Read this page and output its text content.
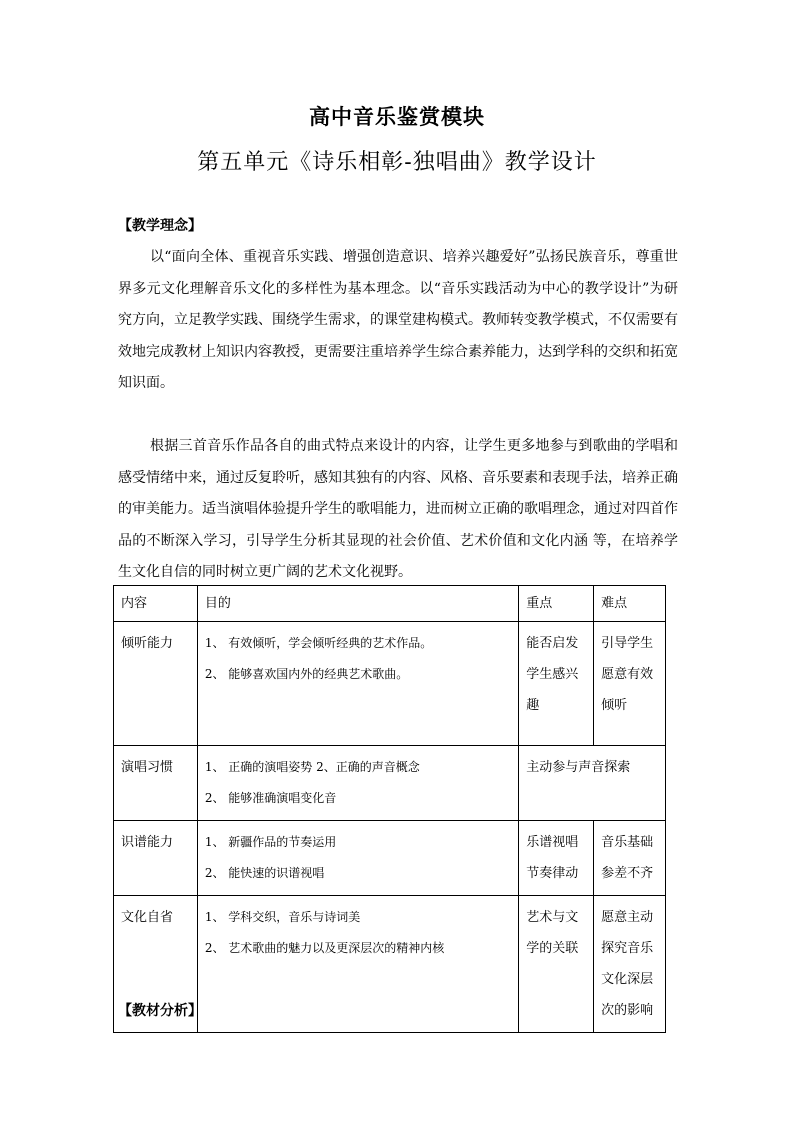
高中音乐鉴赏模块
第五单元《诗乐相彰-独唱曲》教学设计
【教学理念】

以“面向全体、重视音乐实践、增强创造意识、培养兴趣爱好”弘扬民族音乐，尊重世界多元文化理解音乐文化的多样性为基本理念。以“音乐实践活动为中心的教学设计”为研究方向，立足教学实践、围绕学生需求，的课堂建构模式。教师转变教学模式，不仅需要有效地完成教材上知识内容教授，更需要注重培养学生综合素养能力，达到学科的交织和拓宽知识面。

根据三首音乐作品各自的曲式特点来设计的内容，让学生更多地参与到歌曲的学唱和感受情绪中来，通过反复聆听，感知其独有的内容、风格、音乐要素和表现手法，培养正确的审美能力。适当演唱体验提升学生的歌唱能力，进而树立正确的歌唱理念，通过对四首作品的不断深入学习，引导学生分析其显现的社会价值、艺术价值和文化内涵 等，在培养学生文化自信的同时树立更广阔的艺术文化视野。

内容	目的	重点	难点
倾听能力	1、 有效倾听，学会倾听经典的艺术作品。
2、 能够喜欢国内外的经典艺术歌曲。	能否启发学生感兴趣	引导学生愿意有效倾听
演唱习惯	1、 正确的演唱姿势 2、正确的声音概念
2、 能够准确演唱变化音	主动参与声音探索	
识谱能力	1、 新疆作品的节奏运用
2、 能快速的识谱视唱	乐谱视唱节奏律动	音乐基础参差不齐
文化自省	1、 学科交织，音乐与诗词美
2、 艺术歌曲的魅力以及更深层次的精神内核	艺术与文学的关联	愿意主动探究音乐文化深层次的影响
【教材分析】
